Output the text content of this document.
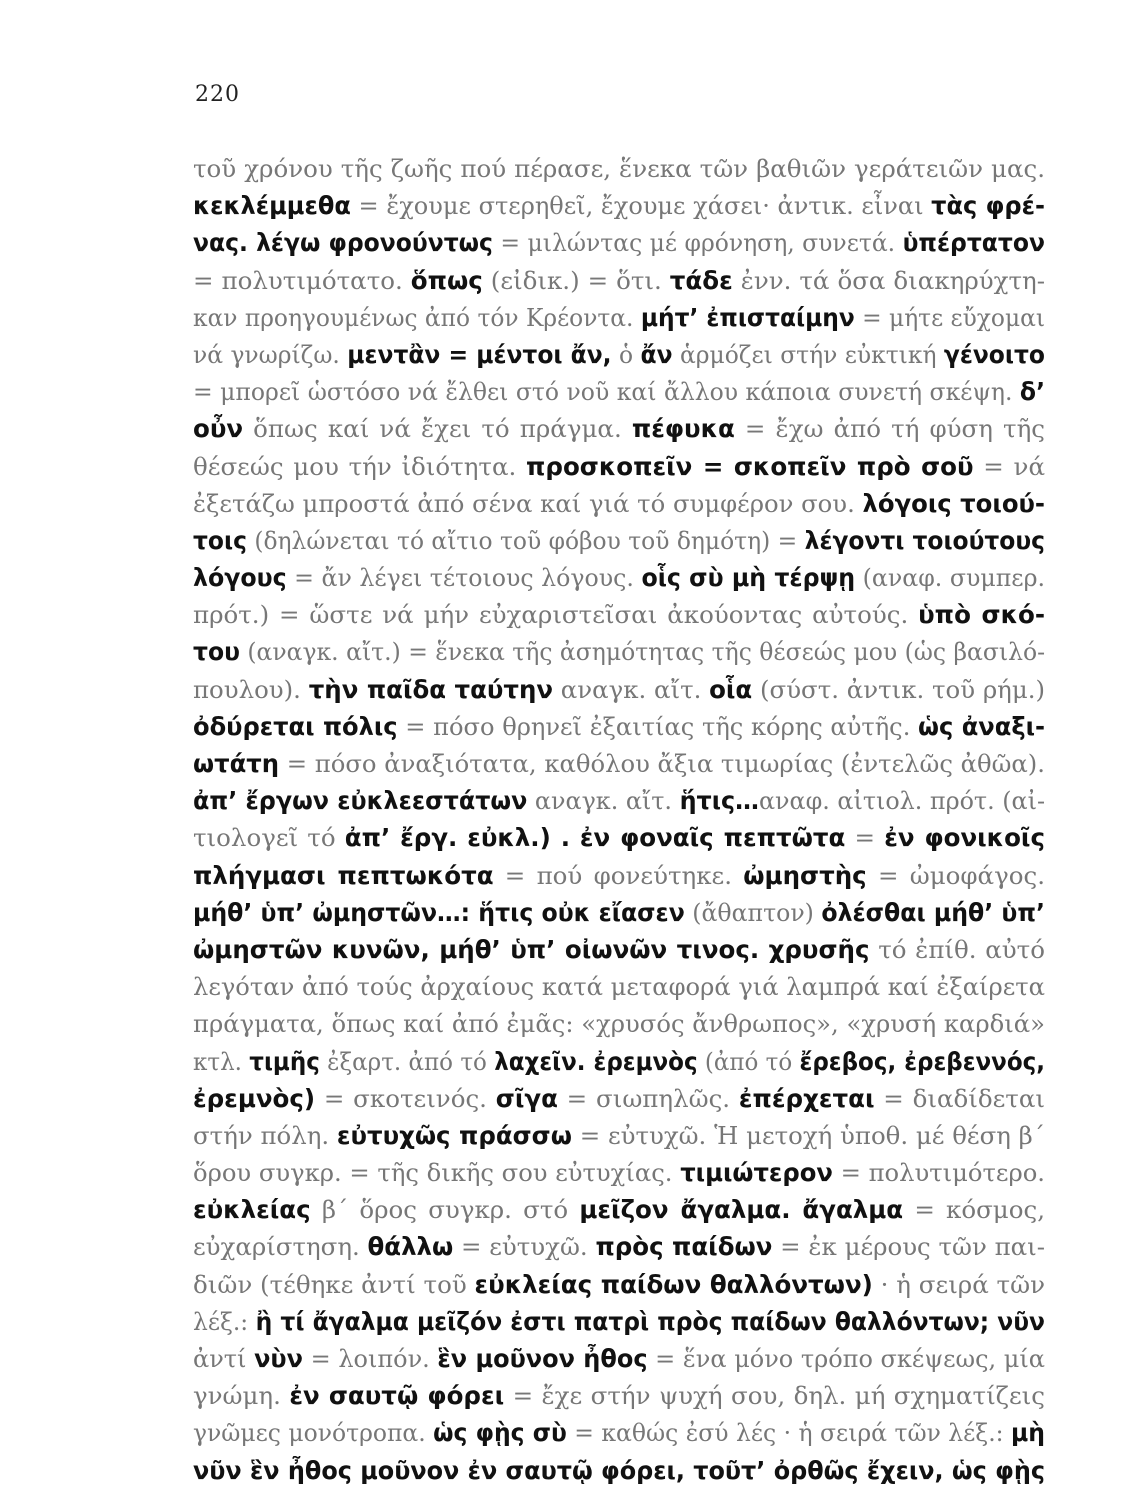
220
τοῦ χρόνου τῆς ζωῆς πού πέρασε, ἕνεκα τῶν βαθιῶν γεράτειῶν μας.
κεκλέμμεθα = ἔχουμε στερηθεῖ, ἔχουμε χάσει· ἀντικ. εἶναι τὰς φρέ-
νας. λέγω φρονούντως = μιλώντας μέ φρόνηση, συνετά. ὑπέρτατον
= πολυτιμότατο. ὅπως (εἰδικ.) = ὅτι. τάδε ἐνν. τά ὅσα διακηρύχτη-
καν προηγουμένως ἀπό τόν Κρέοντα. μήτ’ ἐπισταίμην = μήτε εὔχομαι
νά γνωρίζω. μεντἂν = μέντοι ἄν, ὁ ἄν ἁρμόζει στήν εὐκτική γένοιτο
= μπορεῖ ὡστόσο νά ἔλθει στό νοῦ καί ἄλλου κάποια συνετή σκέψη. δ’
οὖν ὅπως καί νά ἔχει τό πράγμα. πέφυκα = ἔχω ἀπό τή φύση τῆς
θέσεώς μου τήν ἰδιότητα. προσκοπεῖν = σκοπεῖν πρὸ σοῦ = νά
ἐξετάζω μπροστά ἀπό σένα καί γιά τό συμφέρον σου. λόγοις τοιού-
τοις (δηλώνεται τό αἴτιο τοῦ φόβου τοῦ δημότη) = λέγοντι τοιούτους
λόγους = ἄν λέγει τέτοιους λόγους. οἷς σὺ μὴ τέρψῃ (αναφ. συμπερ.
πρότ.) = ὥστε νά μήν εὐχαριστεῖσαι ἀκούοντας αὐτούς. ὑπὸ σκό-
του (αναγκ. αἴτ.) = ἕνεκα τῆς ἀσημότητας τῆς θέσεώς μου (ὡς βασιλό-
πουλου). τὴν παῖδα ταύτην αναγκ. αἴτ. οἷα (σύστ. ἀντικ. τοῦ ρήμ.)
ὀδύρεται πόλις = πόσο θρηνεῖ ἐξαιτίας τῆς κόρης αὐτῆς. ὡς ἀναξι-
ωτάτη = πόσο ἀναξιότατα, καθόλου ἄξια τιμωρίας (ἐντελῶς ἀθῶα).
ἀπ’ ἔργων εὐκλεεστάτων αναγκ. αἴτ. ἥτις…αναφ. αἰτιολ. πρότ. (αἰ-
τιολογεῖ τό ἀπ’ ἔργ. εὐκλ.) . ἐν φοναῖς πεπτῶτα = ἐν φονικοῖς
πλήγμασι πεπτωκότα = πού φονεύτηκε. ὠμηστὴς = ὠμοφάγος.
μήθ’ ὑπ’ ὠμηστῶν…: ἥτις οὐκ εἴασεν (ἄθαπτον) ὀλέσθαι μήθ’ ὑπ’
ὠμηστῶν κυνῶν, μήθ’ ὑπ’ οἰωνῶν τινος. χρυσῆς τό ἐπίθ. αὐτό
λεγόταν ἀπό τούς ἀρχαίους κατά μεταφορά γιά λαμπρά καί ἐξαίρετα
πράγματα, ὅπως καί ἀπό ἐμᾶς: «χρυσός ἄνθρωπος», «χρυσή καρδιά»
κτλ. τιμῆς ἐξαρτ. ἀπό τό λαχεῖν. ἐρεμνὸς (ἀπό τό ἔρεβος, ἐρεβεννός,
ἐρεμνὸς) = σκοτεινός. σῖγα = σιωπηλῶς. ἐπέρχεται = διαδίδεται
στήν πόλη. εὐτυχῶς πράσσω = εὐτυχῶ. Ἡ μετοχή ὑποθ. μέ θέση β´
ὅρου συγκρ. = τῆς δικῆς σου εὐτυχίας. τιμιώτερον = πολυτιμότερο.
εὐκλείας β´ ὅρος συγκρ. στό μεῖζον ἄγαλμα. ἄγαλμα = κόσμος,
εὐχαρίστηση. θάλλω = εὐτυχῶ. πρὸς παίδων = ἐκ μέρους τῶν παι-
διῶν (τέθηκε ἀντί τοῦ εὐκλείας παίδων θαλλόντων) · ἡ σειρά τῶν
λέξ.: ἢ τί ἄγαλμα μεῖζόν ἐστι πατρὶ πρὸς παίδων θαλλόντων; νῦν
ἀντί νὺν = λοιπόν. ἓν μοῦνον ἦθος = ἕνα μόνο τρόπο σκέψεως, μία
γνώμη. ἐν σαυτῷ φόρει = ἔχε στήν ψυχή σου, δηλ. μή σχηματίζεις
γνῶμες μονότροπα. ὡς φῂς σὺ = καθώς ἐσύ λές · ἡ σειρά τῶν λέξ.: μὴ
νῦν ἓν ἦθος μοῦνον ἐν σαυτῷ φόρει, τοῦτ’ ὀρθῶς ἔχειν, ὡς φῂς
